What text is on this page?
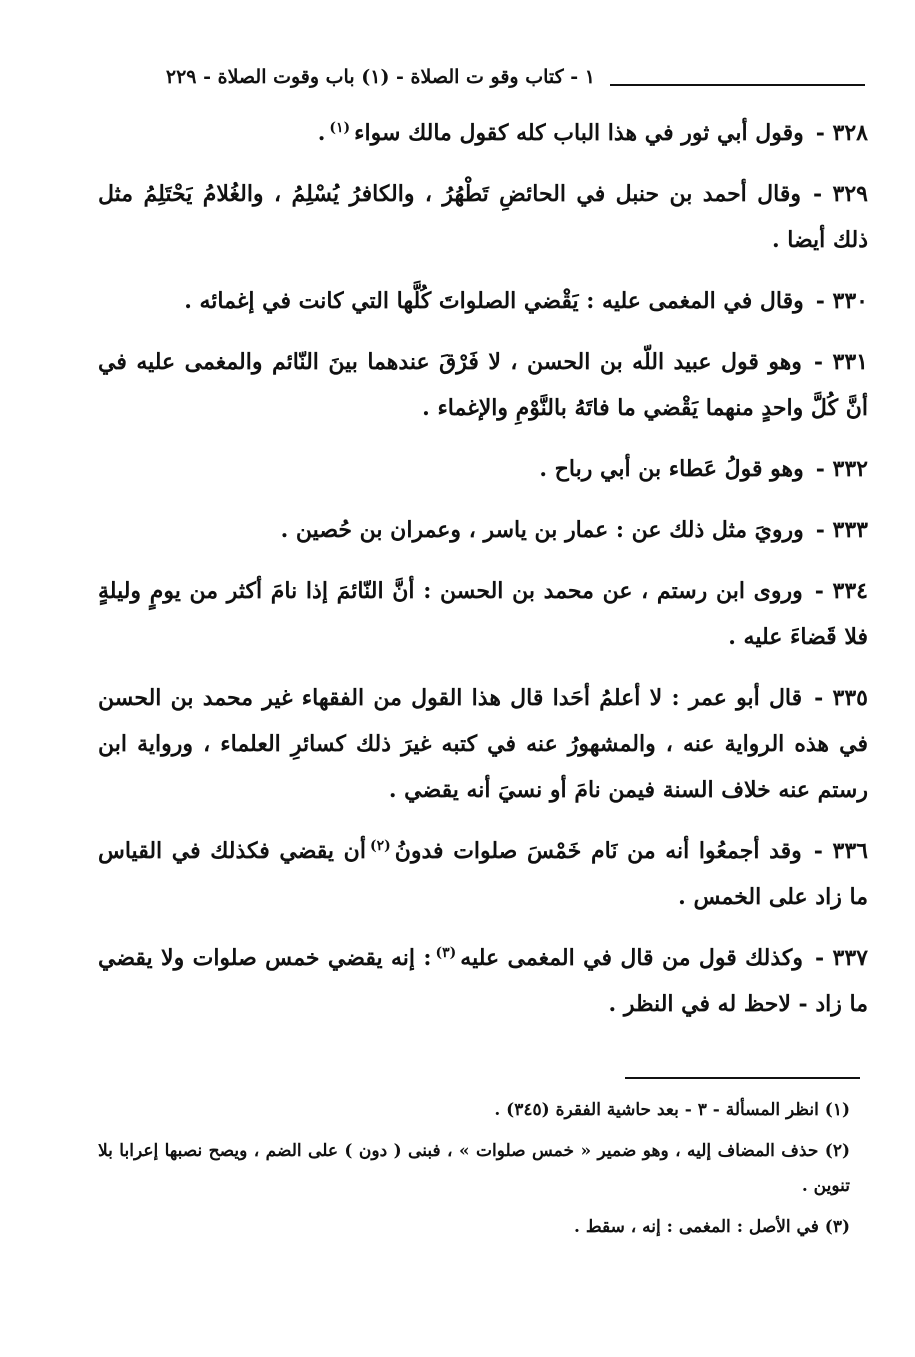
١ - كتاب وقو ت الصلاة - (١) باب وقوت الصلاة - ٢٢٩

٣٢٨ -وقول أبي ثور في هذا الباب كله كقول مالك سواء$^{(١)}$.

٣٢٩ -وقال أحمد بن حنبل في الحائضِ تَطْهُرُ ، والكافرُ يُسْلِمُ ، والغُلامُ يَحْتَلِمُ مثل ذلك أيضا .

٣٣٠ -وقال في المغمى عليه : يَقْضي الصلواتَ كُلَّها التي كانت في إغمائه .

٣٣١ -وهو قول عبيد اللّه بن الحسن ، لا فَرْقَ عندهما بينَ النّائم والمغمى عليه في أنَّ كُلَّ واحدٍ منهما يَقْضي ما فاتَهُ بالنَّوْمِ والإغماء .

٣٣٢ -وهو قولُ عَطاء بن أبي رباح .

٣٣٣ -ورويَ مثل ذلك عن : عمار بن ياسر ، وعمران بن حُصين .

٣٣٤ -وروى ابن رستم ، عن محمد بن الحسن : أنَّ النّائمَ إذا نامَ أكثر من يومٍ وليلةٍ فلا قَضاءَ عليه .

٣٣٥ -قال أبو عمر : لا أعلمُ أحَدا قال هذا القول من الفقهاء غير محمد بن الحسن في هذه الرواية عنه ، والمشهورُ عنه في كتبه غيرَ ذلك كسائرِ العلماء ، ورواية ابن رستم عنه خلاف السنة فيمن نامَ أو نسيَ أنه يقضي .

٣٣٦ -وقد أجمعُوا أنه من نَام خَمْسَ صلوات فدونُ$^{(٢)}$أن يقضي فكذلك في القياس ما زاد على الخمس .

٣٣٧ -وكذلك قول من قال في المغمى عليه$^{(٣)}$: إنه يقضي خمس صلوات ولا يقضي ما زاد - لاحظ له في النظر .

(١) انظر المسألة - ٣ - بعد حاشية الفقرة (٣٤٥) .

(٢) حذف المضاف إليه ، وهو ضمير « خمس صلوات » ، فبنى ( دون ) على الضم ، ويصح نصبها إعرابا بلا تنوين .

(٣) في الأصل : المغمى : إنه ، سقط .
